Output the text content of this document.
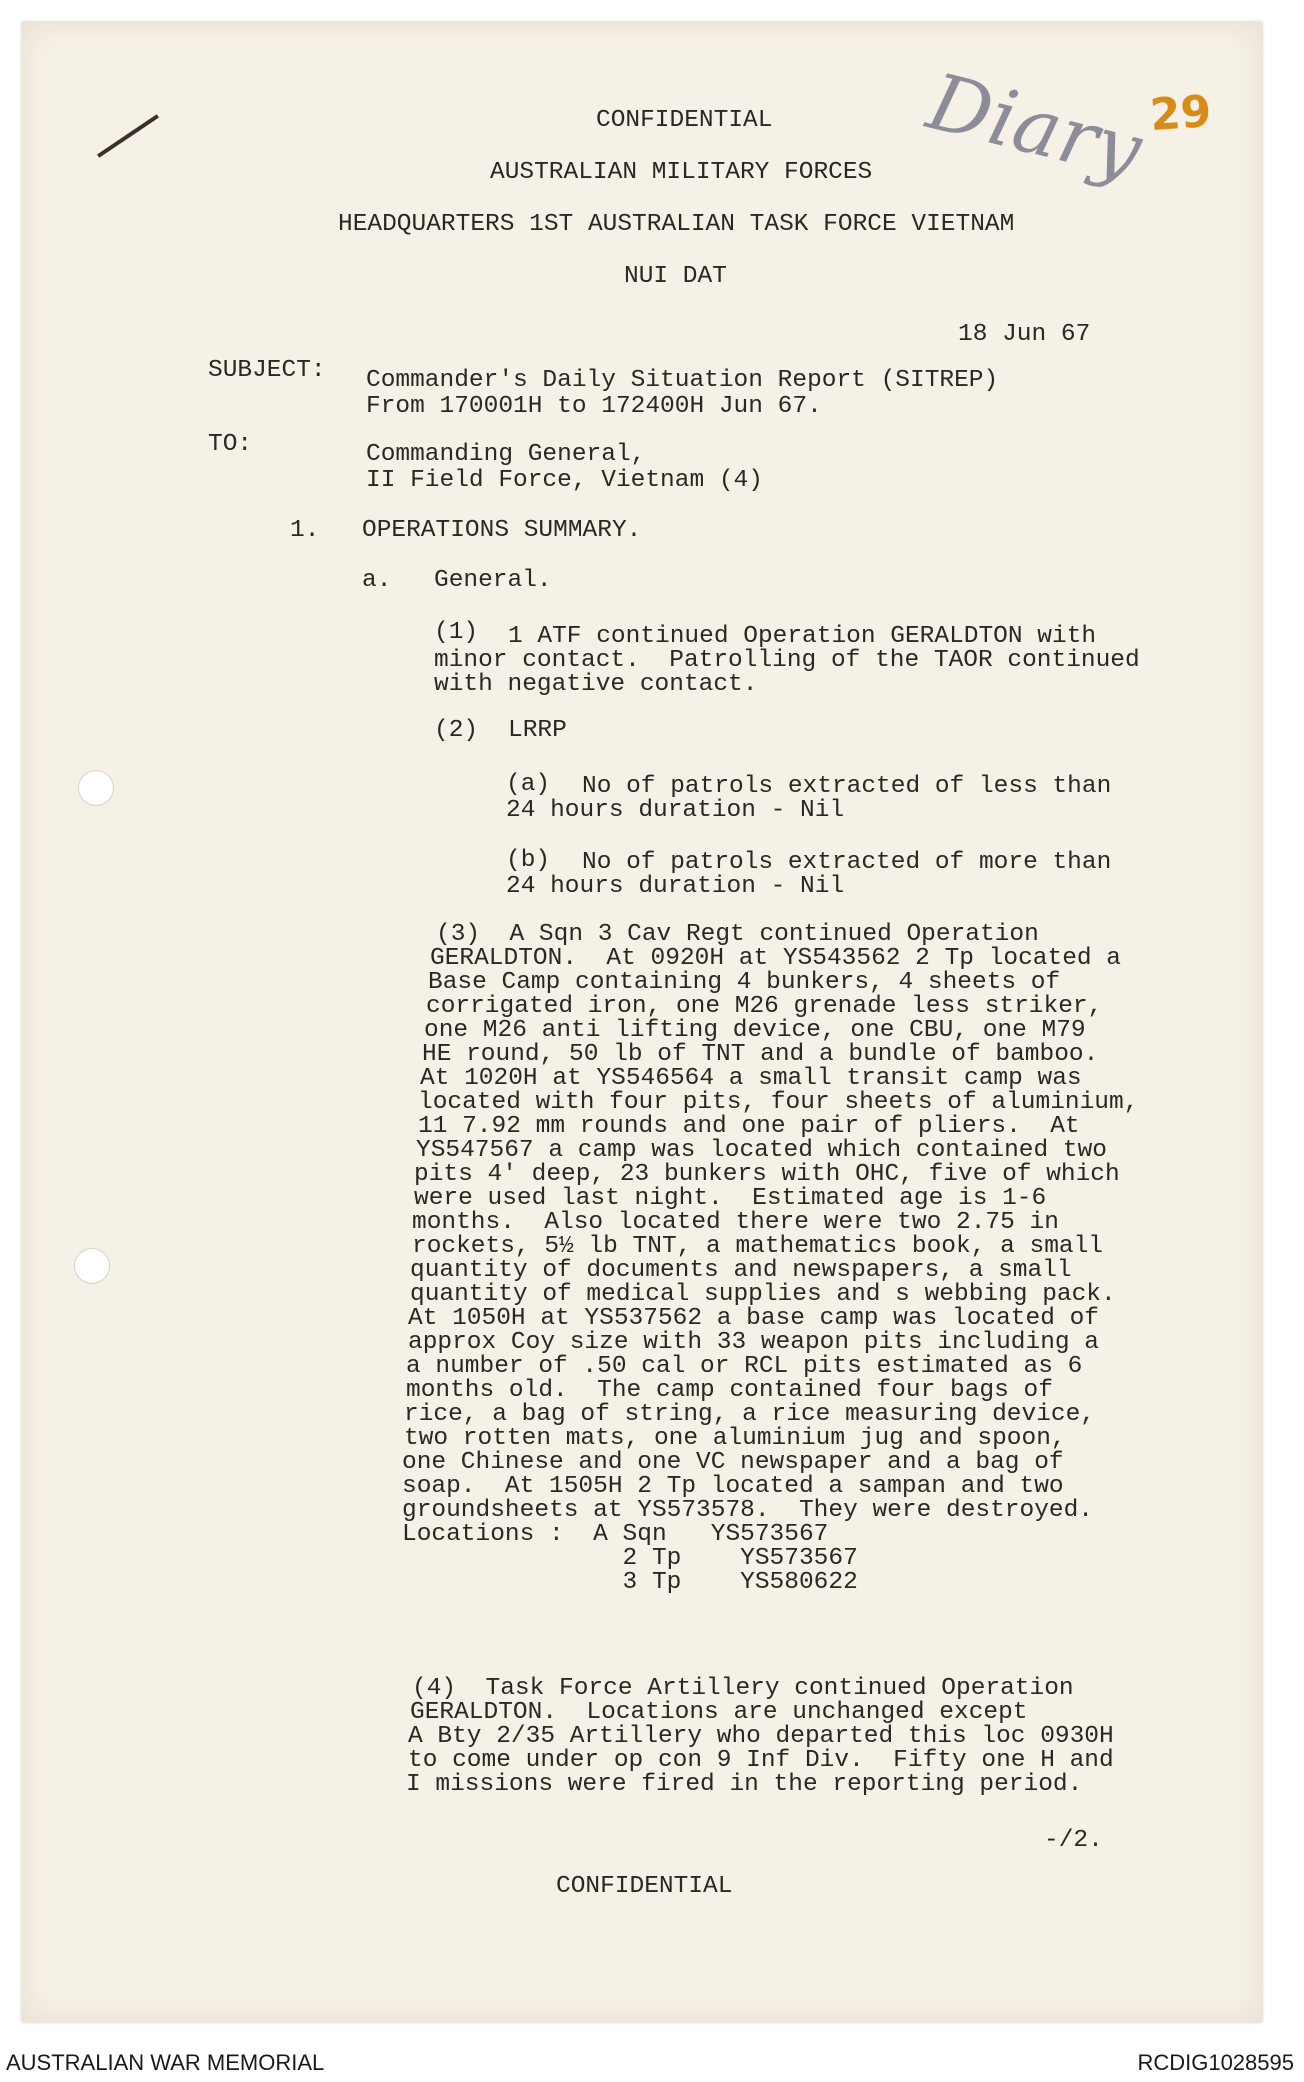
Diary
29
CONFIDENTIAL
AUSTRALIAN MILITARY FORCES
HEADQUARTERS 1ST AUSTRALIAN TASK FORCE VIETNAM
NUI DAT
18 Jun 67
SUBJECT: Commander's Daily Situation Report (SITREP)
From 170001H to 172400H Jun 67.
TO:	Commanding General,
II Field Force, Vietnam (4)
1. OPERATIONS SUMMARY.
a. General.
(1) 1 ATF continued Operation GERALDTON with
minor contact.  Patrolling of the TAOR continued
with negative contact.
(2) LRRP
(a) No of patrols extracted of less than
24 hours duration - Nil
(b) No of patrols extracted of more than
24 hours duration - Nil
(3)  A Sqn 3 Cav Regt continued Operation
GERALDTON.  At 0920H at YS543562 2 Tp located a
Base Camp containing 4 bunkers, 4 sheets of
corrigated iron, one M26 grenade less striker,
one M26 anti lifting device, one CBU, one M79
HE round, 50 lb of TNT and a bundle of bamboo.
At 1020H at YS546564 a small transit camp was
located with four pits, four sheets of aluminium,
11 7.92 mm rounds and one pair of pliers.  At
YS547567 a camp was located which contained two
pits 4' deep, 23 bunkers with OHC, five of which
were used last night.  Estimated age is 1-6
months.  Also located there were two 2.75 in
rockets, 5½ lb TNT, a mathematics book, a small
quantity of documents and newspapers, a small
quantity of medical supplies and s webbing pack.
At 1050H at YS537562 a base camp was located of
approx Coy size with 33 weapon pits including a
a number of .50 cal or RCL pits estimated as 6
months old.  The camp contained four bags of
rice, a bag of string, a rice measuring device,
two rotten mats, one aluminium jug and spoon,
one Chinese and one VC newspaper and a bag of
soap.  At 1505H 2 Tp located a sampan and two
groundsheets at YS573578.  They were destroyed.
Locations :  A Sqn   YS573567
2 Tp    YS573567
3 Tp    YS580622
(4)  Task Force Artillery continued Operation
GERALDTON.  Locations are unchanged except
A Bty 2/35 Artillery who departed this loc 0930H
to come under op con 9 Inf Div.  Fifty one H and
I missions were fired in the reporting period.
-/2.
CONFIDENTIAL
AUSTRALIAN WAR MEMORIAL	RCDIG1028595
